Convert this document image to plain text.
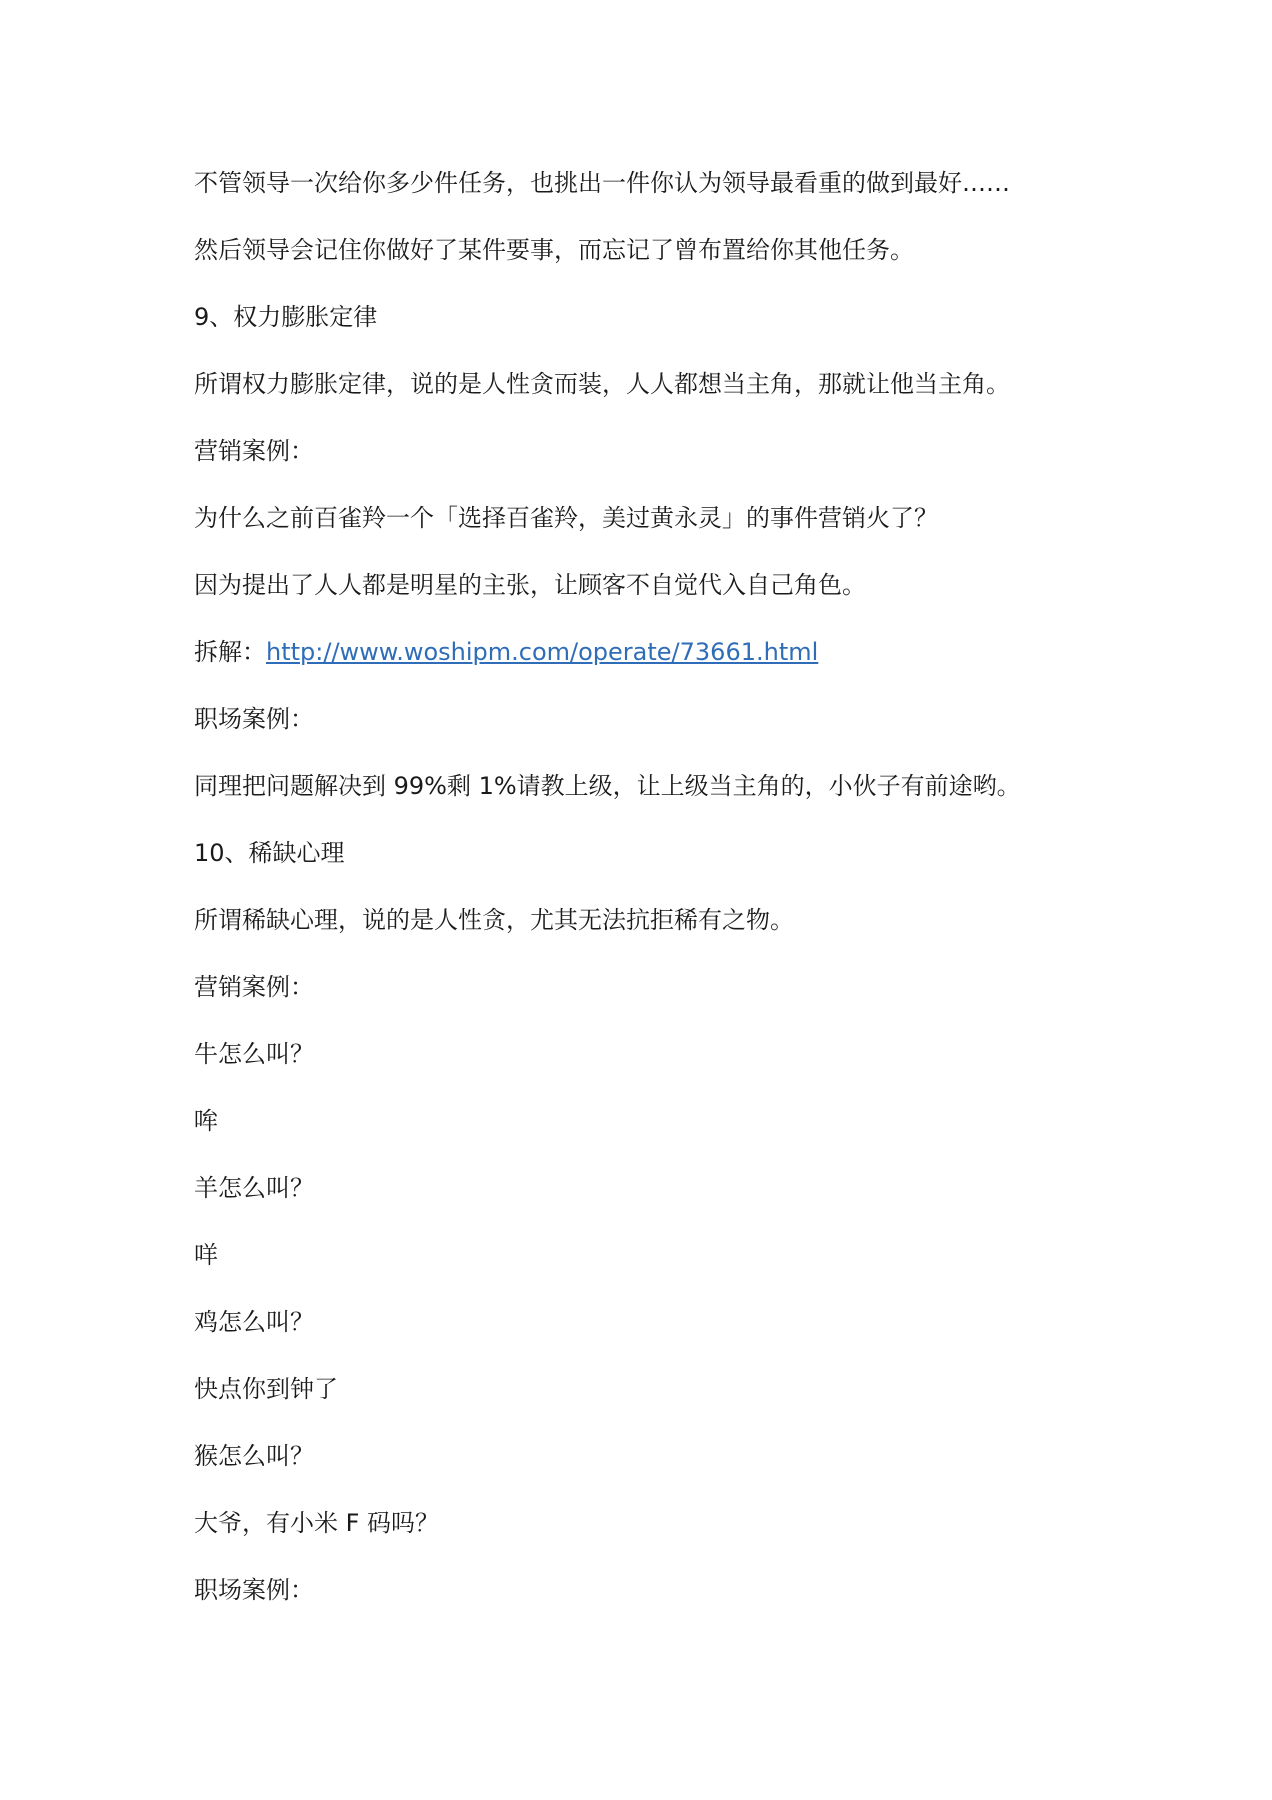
不管领导一次给你多少件任务，也挑出一件你认为领导最看重的做到最好……

然后领导会记住你做好了某件要事，而忘记了曾布置给你其他任务。

9、权力膨胀定律

所谓权力膨胀定律，说的是人性贪而装，人人都想当主角，那就让他当主角。

营销案例：

为什么之前百雀羚一个「选择百雀羚，美过黄永灵」的事件营销火了？

因为提出了人人都是明星的主张，让顾客不自觉代入自己角色。

拆解：http://www.woshipm.com/operate/73661.html

职场案例：

同理把问题解决到 99%剩 1%请教上级，让上级当主角的，小伙子有前途哟。

10、稀缺心理

所谓稀缺心理，说的是人性贪，尤其无法抗拒稀有之物。

营销案例：

牛怎么叫？

哞

羊怎么叫？

咩

鸡怎么叫？

快点你到钟了

猴怎么叫？

大爷，有小米 F 码吗？

职场案例：
